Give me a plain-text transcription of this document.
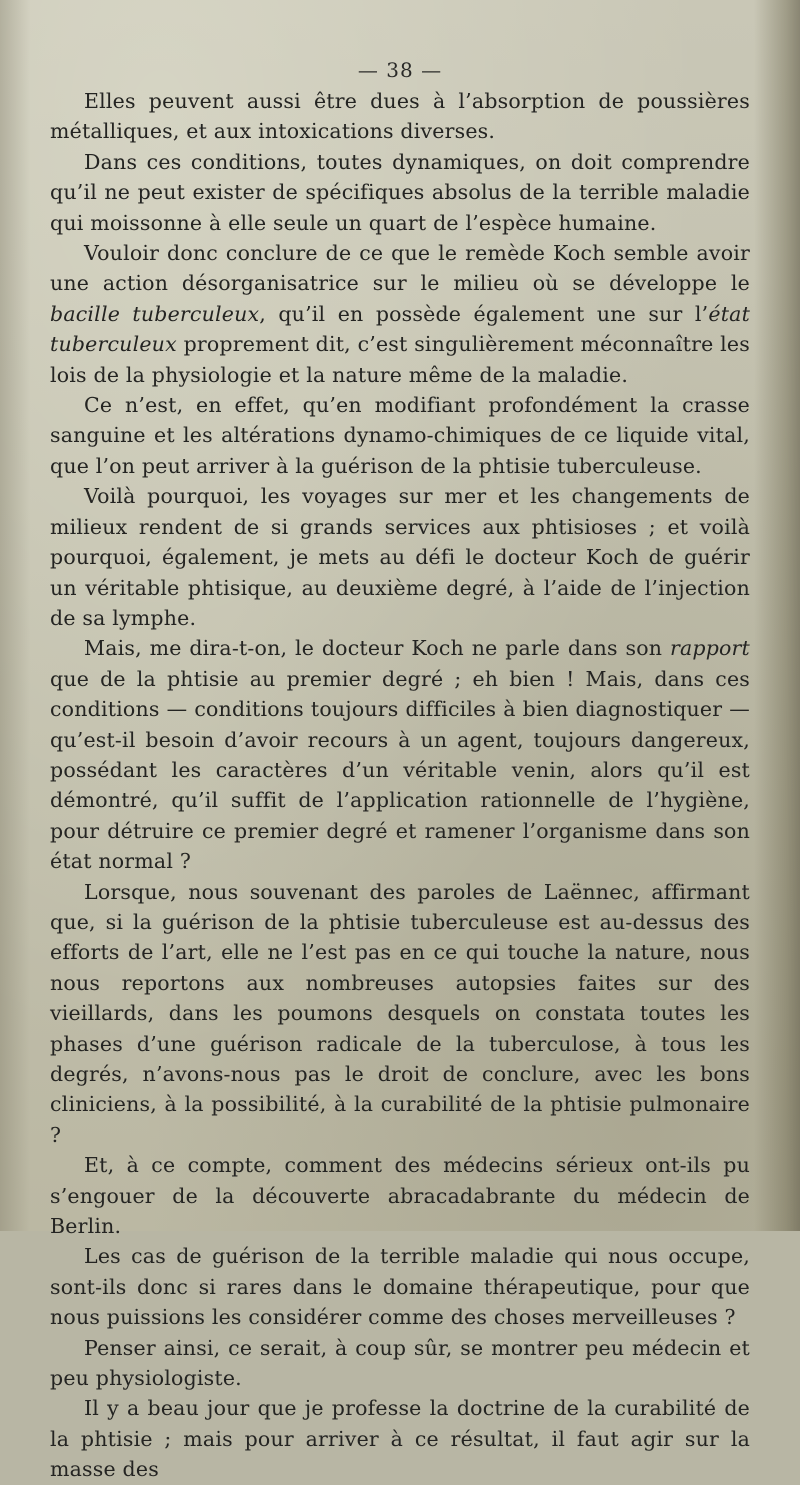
— 38 —

Elles peuvent aussi être dues à l’absorption de poussières métalliques, et aux intoxications diverses.

Dans ces conditions, toutes dynamiques, on doit comprendre qu’il ne peut exister de spécifiques absolus de la terrible maladie qui moissonne à elle seule un quart de l’espèce humaine.

Vouloir donc conclure de ce que le remède Koch semble avoir une action désorganisatrice sur le milieu où se développe le bacille tuberculeux, qu’il en possède également une sur l’état tuberculeux proprement dit, c’est singulièrement méconnaître les lois de la physiologie et la nature même de la maladie.

Ce n’est, en effet, qu’en modifiant profondément la crasse sanguine et les altérations dynamo-chimiques de ce liquide vital, que l’on peut arriver à la guérison de la phtisie tuberculeuse.

Voilà pourquoi, les voyages sur mer et les changements de milieux rendent de si grands services aux phtisioses ; et voilà pourquoi, également, je mets au défi le docteur Koch de guérir un véritable phtisique, au deuxième degré, à l’aide de l’injection de sa lymphe.

Mais, me dira-t-on, le docteur Koch ne parle dans son rapport que de la phtisie au premier degré ; eh bien ! Mais, dans ces conditions — conditions toujours difficiles à bien diagnostiquer — qu’est-il besoin d’avoir recours à un agent, toujours dangereux, possédant les caractères d’un véritable venin, alors qu’il est démontré, qu’il suffit de l’application rationnelle de l’hygiène, pour détruire ce premier degré et ramener l’organisme dans son état normal ?

Lorsque, nous souvenant des paroles de Laënnec, affirmant que, si la guérison de la phtisie tuberculeuse est au-dessus des efforts de l’art, elle ne l’est pas en ce qui touche la nature, nous nous reportons aux nombreuses autopsies faites sur des vieillards, dans les poumons desquels on constata toutes les phases d’une guérison radicale de la tuberculose, à tous les degrés, n’avons-nous pas le droit de conclure, avec les bons cliniciens, à la possibilité, à la curabilité de la phtisie pulmonaire ?

Et, à ce compte, comment des médecins sérieux ont-ils pu s’engouer de la découverte abracadabrante du médecin de Berlin.

Les cas de guérison de la terrible maladie qui nous occupe, sont-ils donc si rares dans le domaine thérapeutique, pour que nous puissions les considérer comme des choses merveilleuses ?

Penser ainsi, ce serait, à coup sûr, se montrer peu médecin et peu physiologiste.

Il y a beau jour que je professe la doctrine de la curabilité de la phtisie ; mais pour arriver à ce résultat, il faut agir sur la masse des
